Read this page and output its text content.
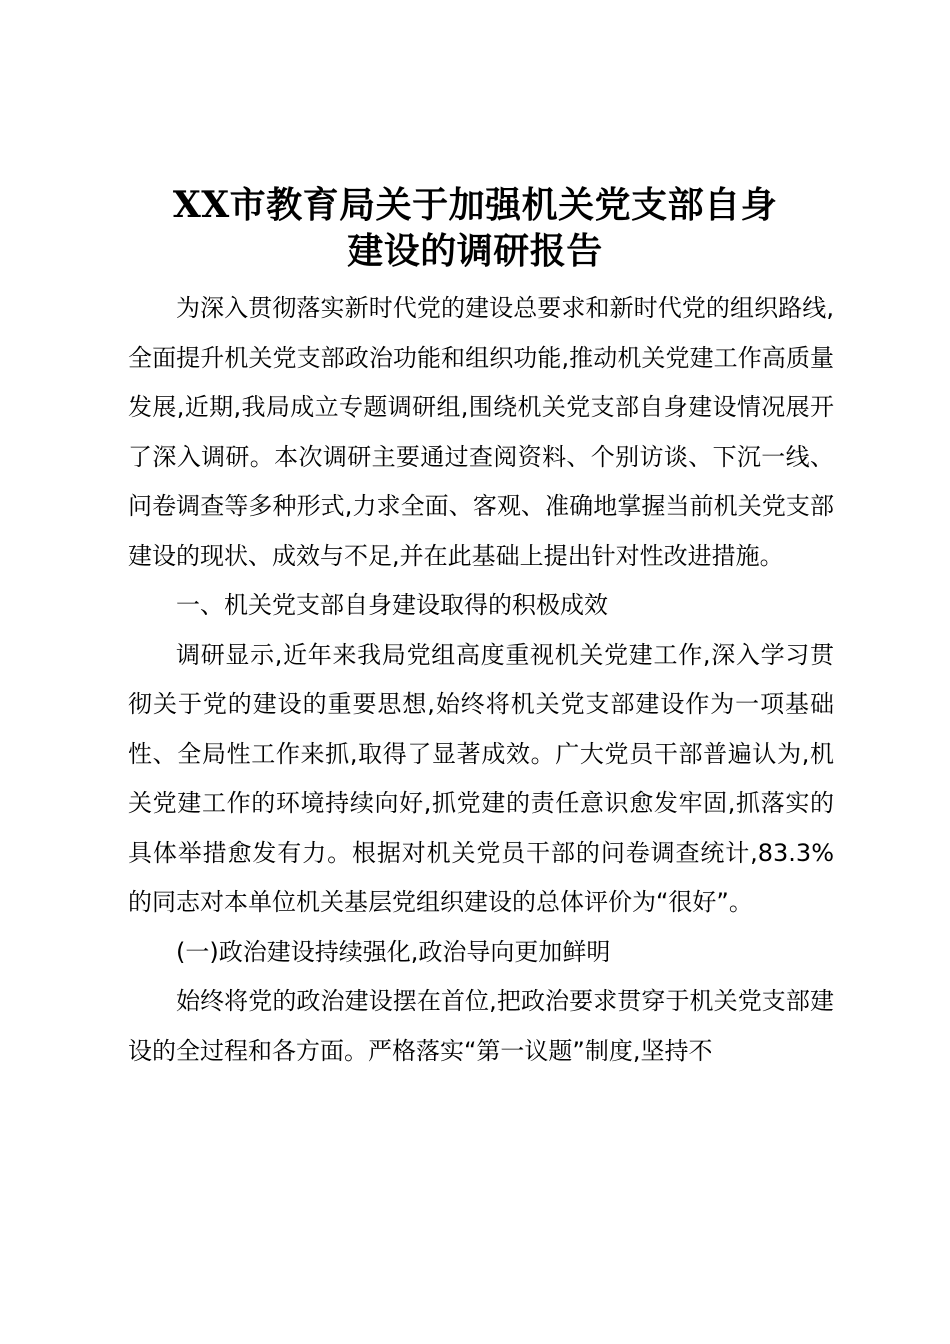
XX市教育局关于加强机关党支部自身
建设的调研报告

为深入贯彻落实新时代党的建设总要求和新时代党的组织路线,全面提升机关党支部政治功能和组织功能,推动机关党建工作高质量发展,近期,我局成立专题调研组,围绕机关党支部自身建设情况展开了深入调研。本次调研主要通过查阅资料、个别访谈、下沉一线、问卷调查等多种形式,力求全面、客观、准确地掌握当前机关党支部建设的现状、成效与不足,并在此基础上提出针对性改进措施。

一、机关党支部自身建设取得的积极成效

调研显示,近年来我局党组高度重视机关党建工作,深入学习贯彻关于党的建设的重要思想,始终将机关党支部建设作为一项基础性、全局性工作来抓,取得了显著成效。广大党员干部普遍认为,机关党建工作的环境持续向好,抓党建的责任意识愈发牢固,抓落实的具体举措愈发有力。根据对机关党员干部的问卷调查统计,83.3%的同志对本单位机关基层党组织建设的总体评价为“很好”。

(一)政治建设持续强化,政治导向更加鲜明

始终将党的政治建设摆在首位,把政治要求贯穿于机关党支部建设的全过程和各方面。严格落实“第一议题”制度,坚持不
